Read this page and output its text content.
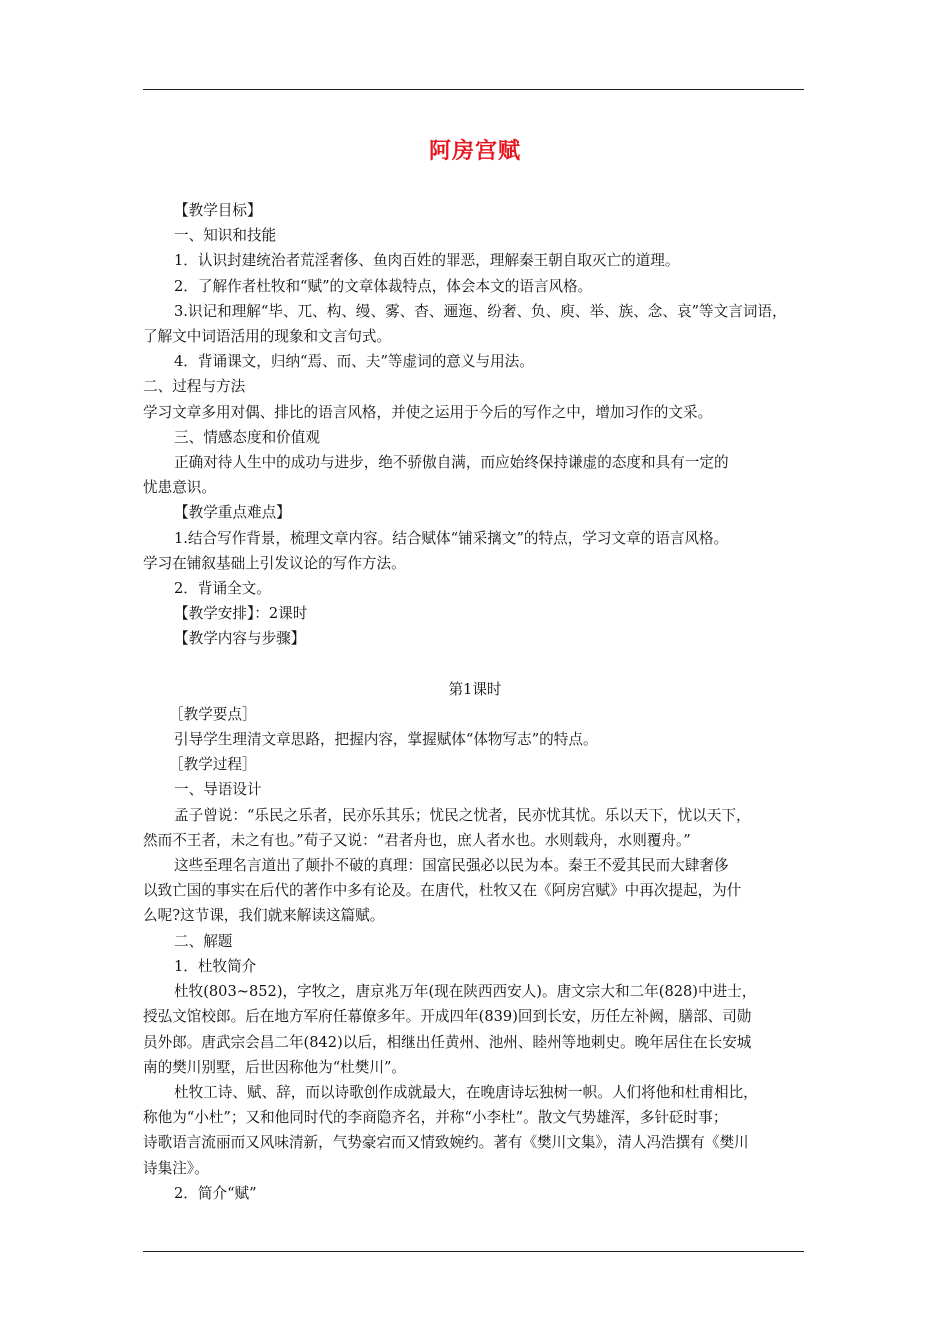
阿房宫赋

【教学目标】

一、知识和技能

1．认识封建统治者荒淫奢侈、鱼肉百姓的罪恶，理解秦王朝自取灭亡的道理。

2．了解作者杜牧和“赋”的文章体裁特点，体会本文的语言风格。

3.识记和理解“毕、兀、构、缦、雾、杳、逦迤、纷奢、负、庾、举、族、念、哀”等文言词语，

了解文中词语活用的现象和文言句式。

4．背诵课文，归纳“焉、而、夫”等虚词的意义与用法。

二、过程与方法

学习文章多用对偶、排比的语言风格，并使之运用于今后的写作之中，增加习作的文采。

三、情感态度和价值观

正确对待人生中的成功与进步，绝不骄傲自满，而应始终保持谦虚的态度和具有一定的

忧患意识。

【教学重点难点】

1.结合写作背景，梳理文章内容。结合赋体“铺采摛文”的特点，学习文章的语言风格。

学习在铺叙基础上引发议论的写作方法。

2．背诵全文。

【教学安排】：2课时

【教学内容与步骤】

第1课时

［教学要点］

引导学生理清文章思路，把握内容，掌握赋体“体物写志”的特点。

［教学过程］

一、导语设计

孟子曾说：“乐民之乐者，民亦乐其乐；忧民之忧者，民亦忧其忧。乐以天下，忧以天下，

然而不王者，未之有也。”荀子又说：“君者舟也，庶人者水也。水则载舟，水则覆舟。”

这些至理名言道出了颠扑不破的真理：国富民强必以民为本。秦王不爱其民而大肆奢侈

以致亡国的事实在后代的著作中多有论及。在唐代，杜牧又在《阿房宫赋》中再次提起，为什

么呢?这节课，我们就来解读这篇赋。

二、解题

1．杜牧简介

杜牧(803~852)，字牧之，唐京兆万年(现在陕西西安人)。唐文宗大和二年(828)中进士，

授弘文馆校郎。后在地方军府任幕僚多年。开成四年(839)回到长安，历任左补阙，膳部、司勋

员外郎。唐武宗会昌二年(842)以后，相继出任黄州、池州、睦州等地刺史。晚年居住在长安城

南的樊川别墅，后世因称他为“杜樊川”。

杜牧工诗、赋、辞，而以诗歌创作成就最大，在晚唐诗坛独树一帜。人们将他和杜甫相比，

称他为“小杜”；又和他同时代的李商隐齐名，并称“小李杜”。散文气势雄浑，多针砭时事；

诗歌语言流丽而又风味清新，气势豪宕而又情致婉约。著有《樊川文集》，清人冯浩撰有《樊川

诗集注》。

2．简介“赋”
